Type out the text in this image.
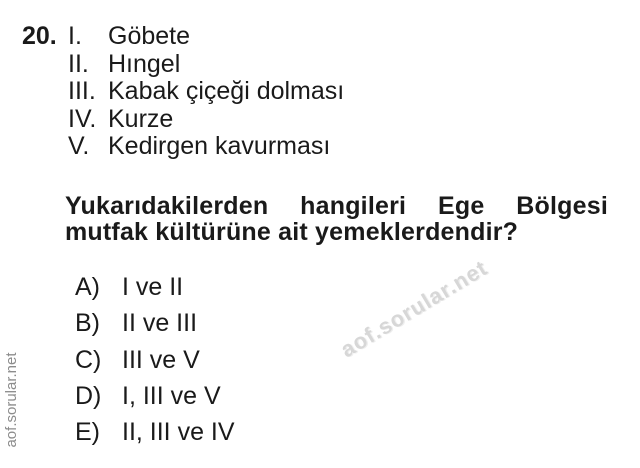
20. I.	Göbete
II. Hıngel
III. Kabak çiçeği dolması
IV. Kurze
V. Kedirgen kavurması
Yukarıdakilerden hangileri Ege Bölgesi
mutfak kültürüne ait yemeklerdendir?
A) I ve II
B) II ve III
C) III ve V
D) I, III ve V
E) II, III ve IV
aof.sorular.net
aof.sorular.net
